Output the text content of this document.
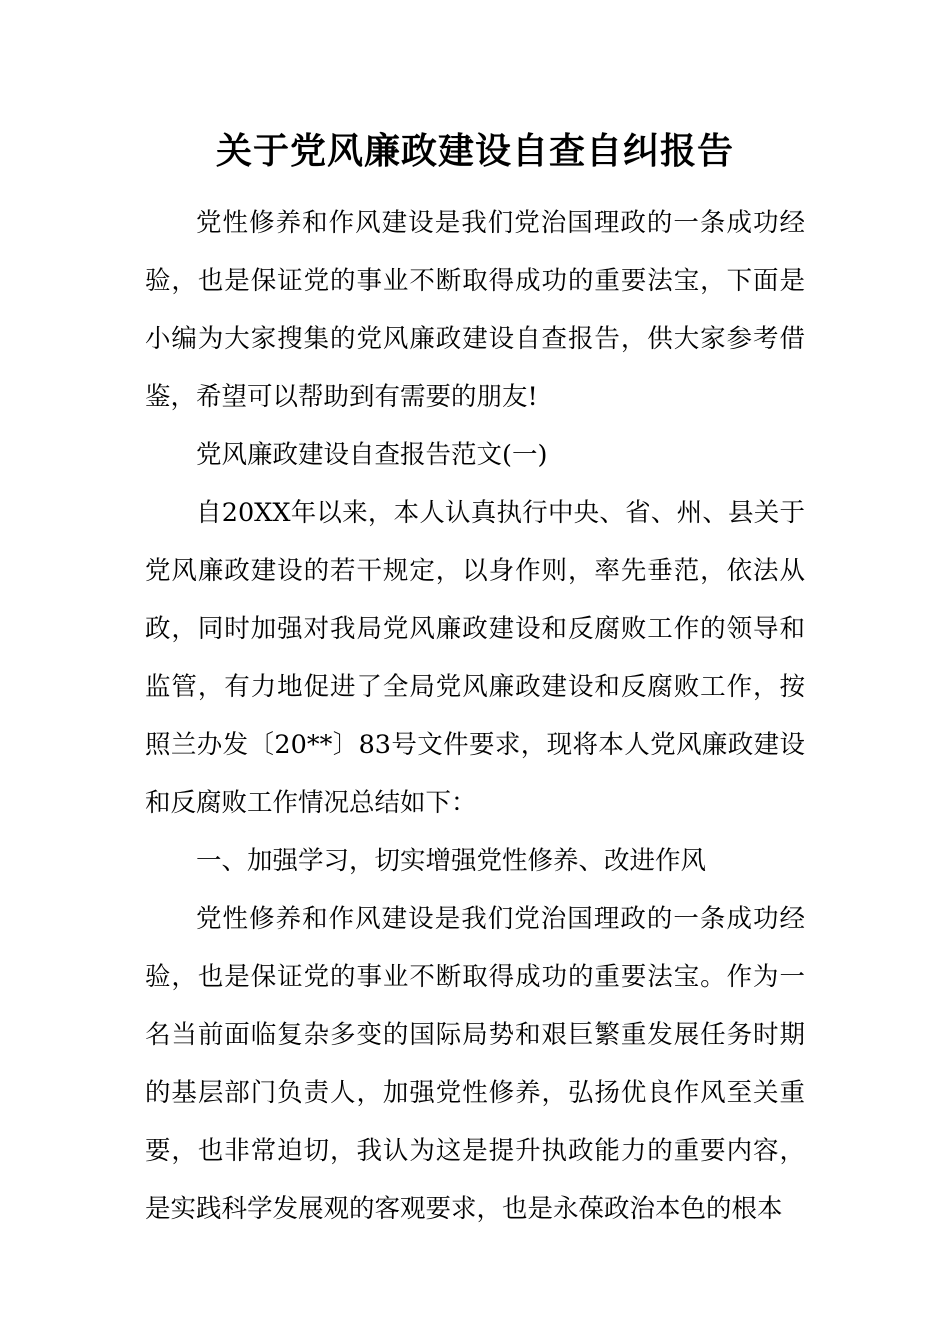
关于党风廉政建设自查自纠报告

党性修养和作风建设是我们党治国理政的一条成功经验，也是保证党的事业不断取得成功的重要法宝，下面是小编为大家搜集的党风廉政建设自查报告，供大家参考借鉴，希望可以帮助到有需要的朋友!

党风廉政建设自查报告范文(一)

自20XX年以来，本人认真执行中央、省、州、县关于党风廉政建设的若干规定，以身作则，率先垂范，依法从政，同时加强对我局党风廉政建设和反腐败工作的领导和监管，有力地促进了全局党风廉政建设和反腐败工作，按照兰办发〔20**〕83号文件要求，现将本人党风廉政建设和反腐败工作情况总结如下：

一、加强学习，切实增强党性修养、改进作风

党性修养和作风建设是我们党治国理政的一条成功经验，也是保证党的事业不断取得成功的重要法宝。作为一名当前面临复杂多变的国际局势和艰巨繁重发展任务时期的基层部门负责人，加强党性修养，弘扬优良作风至关重要，也非常迫切，我认为这是提升执政能力的重要内容，是实践科学发展观的客观要求，也是永葆政治本色的根本
